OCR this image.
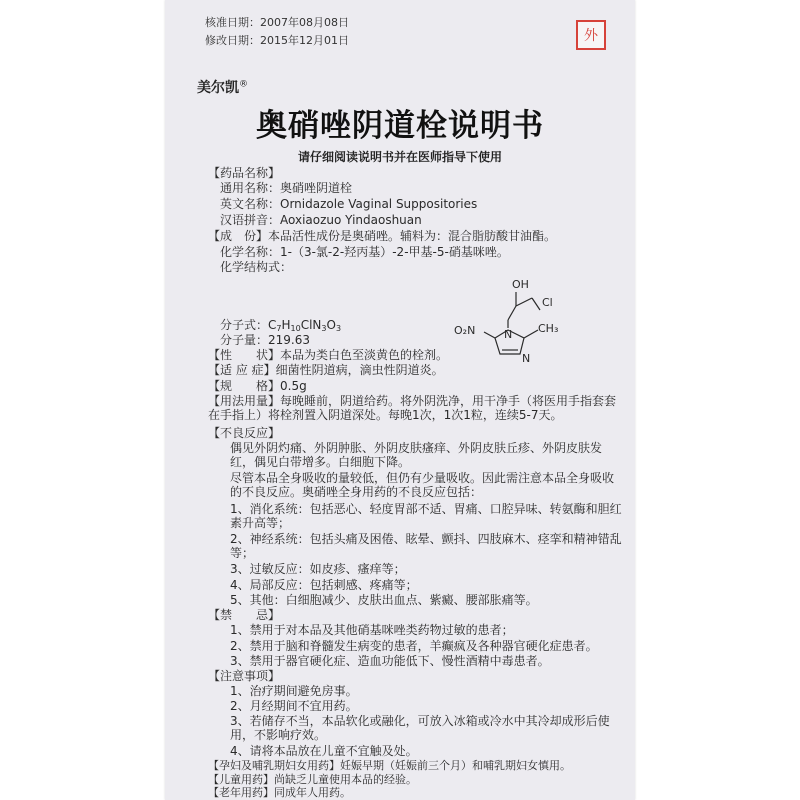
核准日期：2007年08月08日
修改日期：2015年12月01日	外
美尔凯®
奥硝唑阴道栓说明书
请仔细阅读说明书并在医师指导下使用
【药品名称】
通用名称：奥硝唑阴道栓
英文名称：Ornidazole Vaginal Suppositories
汉语拼音：Aoxiaozuo Yindaoshuan
【成　份】本品活性成份是奥硝唑。辅料为：混合脂肪酸甘油酯。
化学名称：1-（3-氯-2-羟丙基）-2-甲基-5-硝基咪唑。
化学结构式：
OH
Cl
N
O₂N	CH₃
N
分子式：$C_7H_{10}ClN_3O_3$
分子量：219.63
【性　　状】本品为类白色至淡黄色的栓剂。
【适 应 症】细菌性阴道病，滴虫性阴道炎。
【规　　格】0.5g
【用法用量】每晚睡前，阴道给药。将外阴洗净，用干净手（将医用手指套套在手指上）将栓剂置入阴道深处。每晚1次，1次1粒，连续5-7天。
【不良反应】
偶见外阴灼痛、外阴肿胀、外阴皮肤瘙痒、外阴皮肤丘疹、外阴皮肤发红，偶见白带增多。白细胞下降。
尽管本品全身吸收的量较低，但仍有少量吸收。因此需注意本品全身吸收的不良反应。奥硝唑全身用药的不良反应包括：
1、消化系统：包括恶心、轻度胃部不适、胃痛、口腔异味、转氨酶和胆红素升高等；
2、神经系统：包括头痛及困倦、眩晕、颤抖、四肢麻木、痉挛和精神错乱等；
3、过敏反应：如皮疹、瘙痒等；
4、局部反应：包括刺感、疼痛等；
5、其他：白细胞减少、皮肤出血点、紫癜、腰部胀痛等。
【禁　　忌】
1、禁用于对本品及其他硝基咪唑类药物过敏的患者；
2、禁用于脑和脊髓发生病变的患者，羊癫疯及各种器官硬化症患者。
3、禁用于器官硬化症、造血功能低下、慢性酒精中毒患者。
【注意事项】
1、治疗期间避免房事。
2、月经期间不宜用药。
3、若储存不当，本品软化或融化，可放入冰箱或冷水中其冷却成形后使用，不影响疗效。
4、请将本品放在儿童不宜触及处。
【孕妇及哺乳期妇女用药】妊娠早期（妊娠前三个月）和哺乳期妇女慎用。
【儿童用药】尚缺乏儿童使用本品的经验。
【老年用药】同成年人用药。
